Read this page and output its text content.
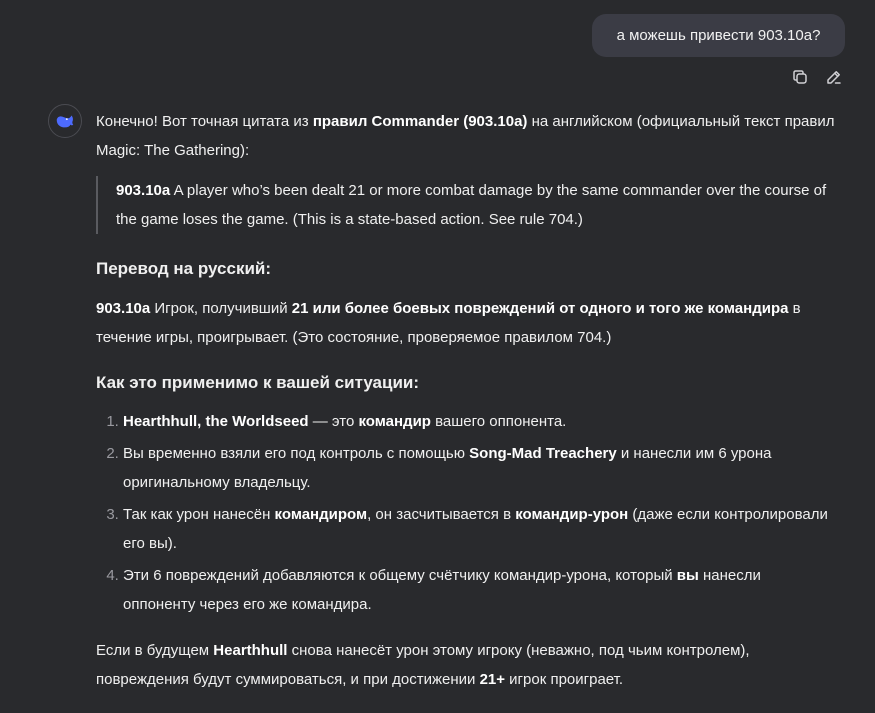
а можешь привести 903.10а?

Конечно! Вот точная цитата из правил Commander (903.10a) на английском (официальный текст правил Magic: The Gathering):

903.10a A player who’s been dealt 21 or more combat damage by the same commander over the course of the game loses the game. (This is a state-based action. See rule 704.)
Перевод на русский:

903.10a Игрок, получивший 21 или более боевых повреждений от одного и того же командира в течение игры, проигрывает. (Это состояние, проверяемое правилом 704.)

Как это применимо к вашей ситуации:
1. Hearthhull, the Worldseed — это командир вашего оппонента.
2. Вы временно взяли его под контроль с помощью Song-Mad Treachery и нанесли им 6 урона оригинальному владельцу.
3. Так как урон нанесён командиром, он засчитывается в командир-урон (даже если контролировали его вы).
4. Эти 6 повреждений добавляются к общему счётчику командир-урона, который вы нанесли оппоненту через его же командира.

Если в будущем Hearthhull снова нанесёт урон этому игроку (неважно, под чьим контролем), повреждения будут суммироваться, и при достижении 21+ игрок проиграет.
